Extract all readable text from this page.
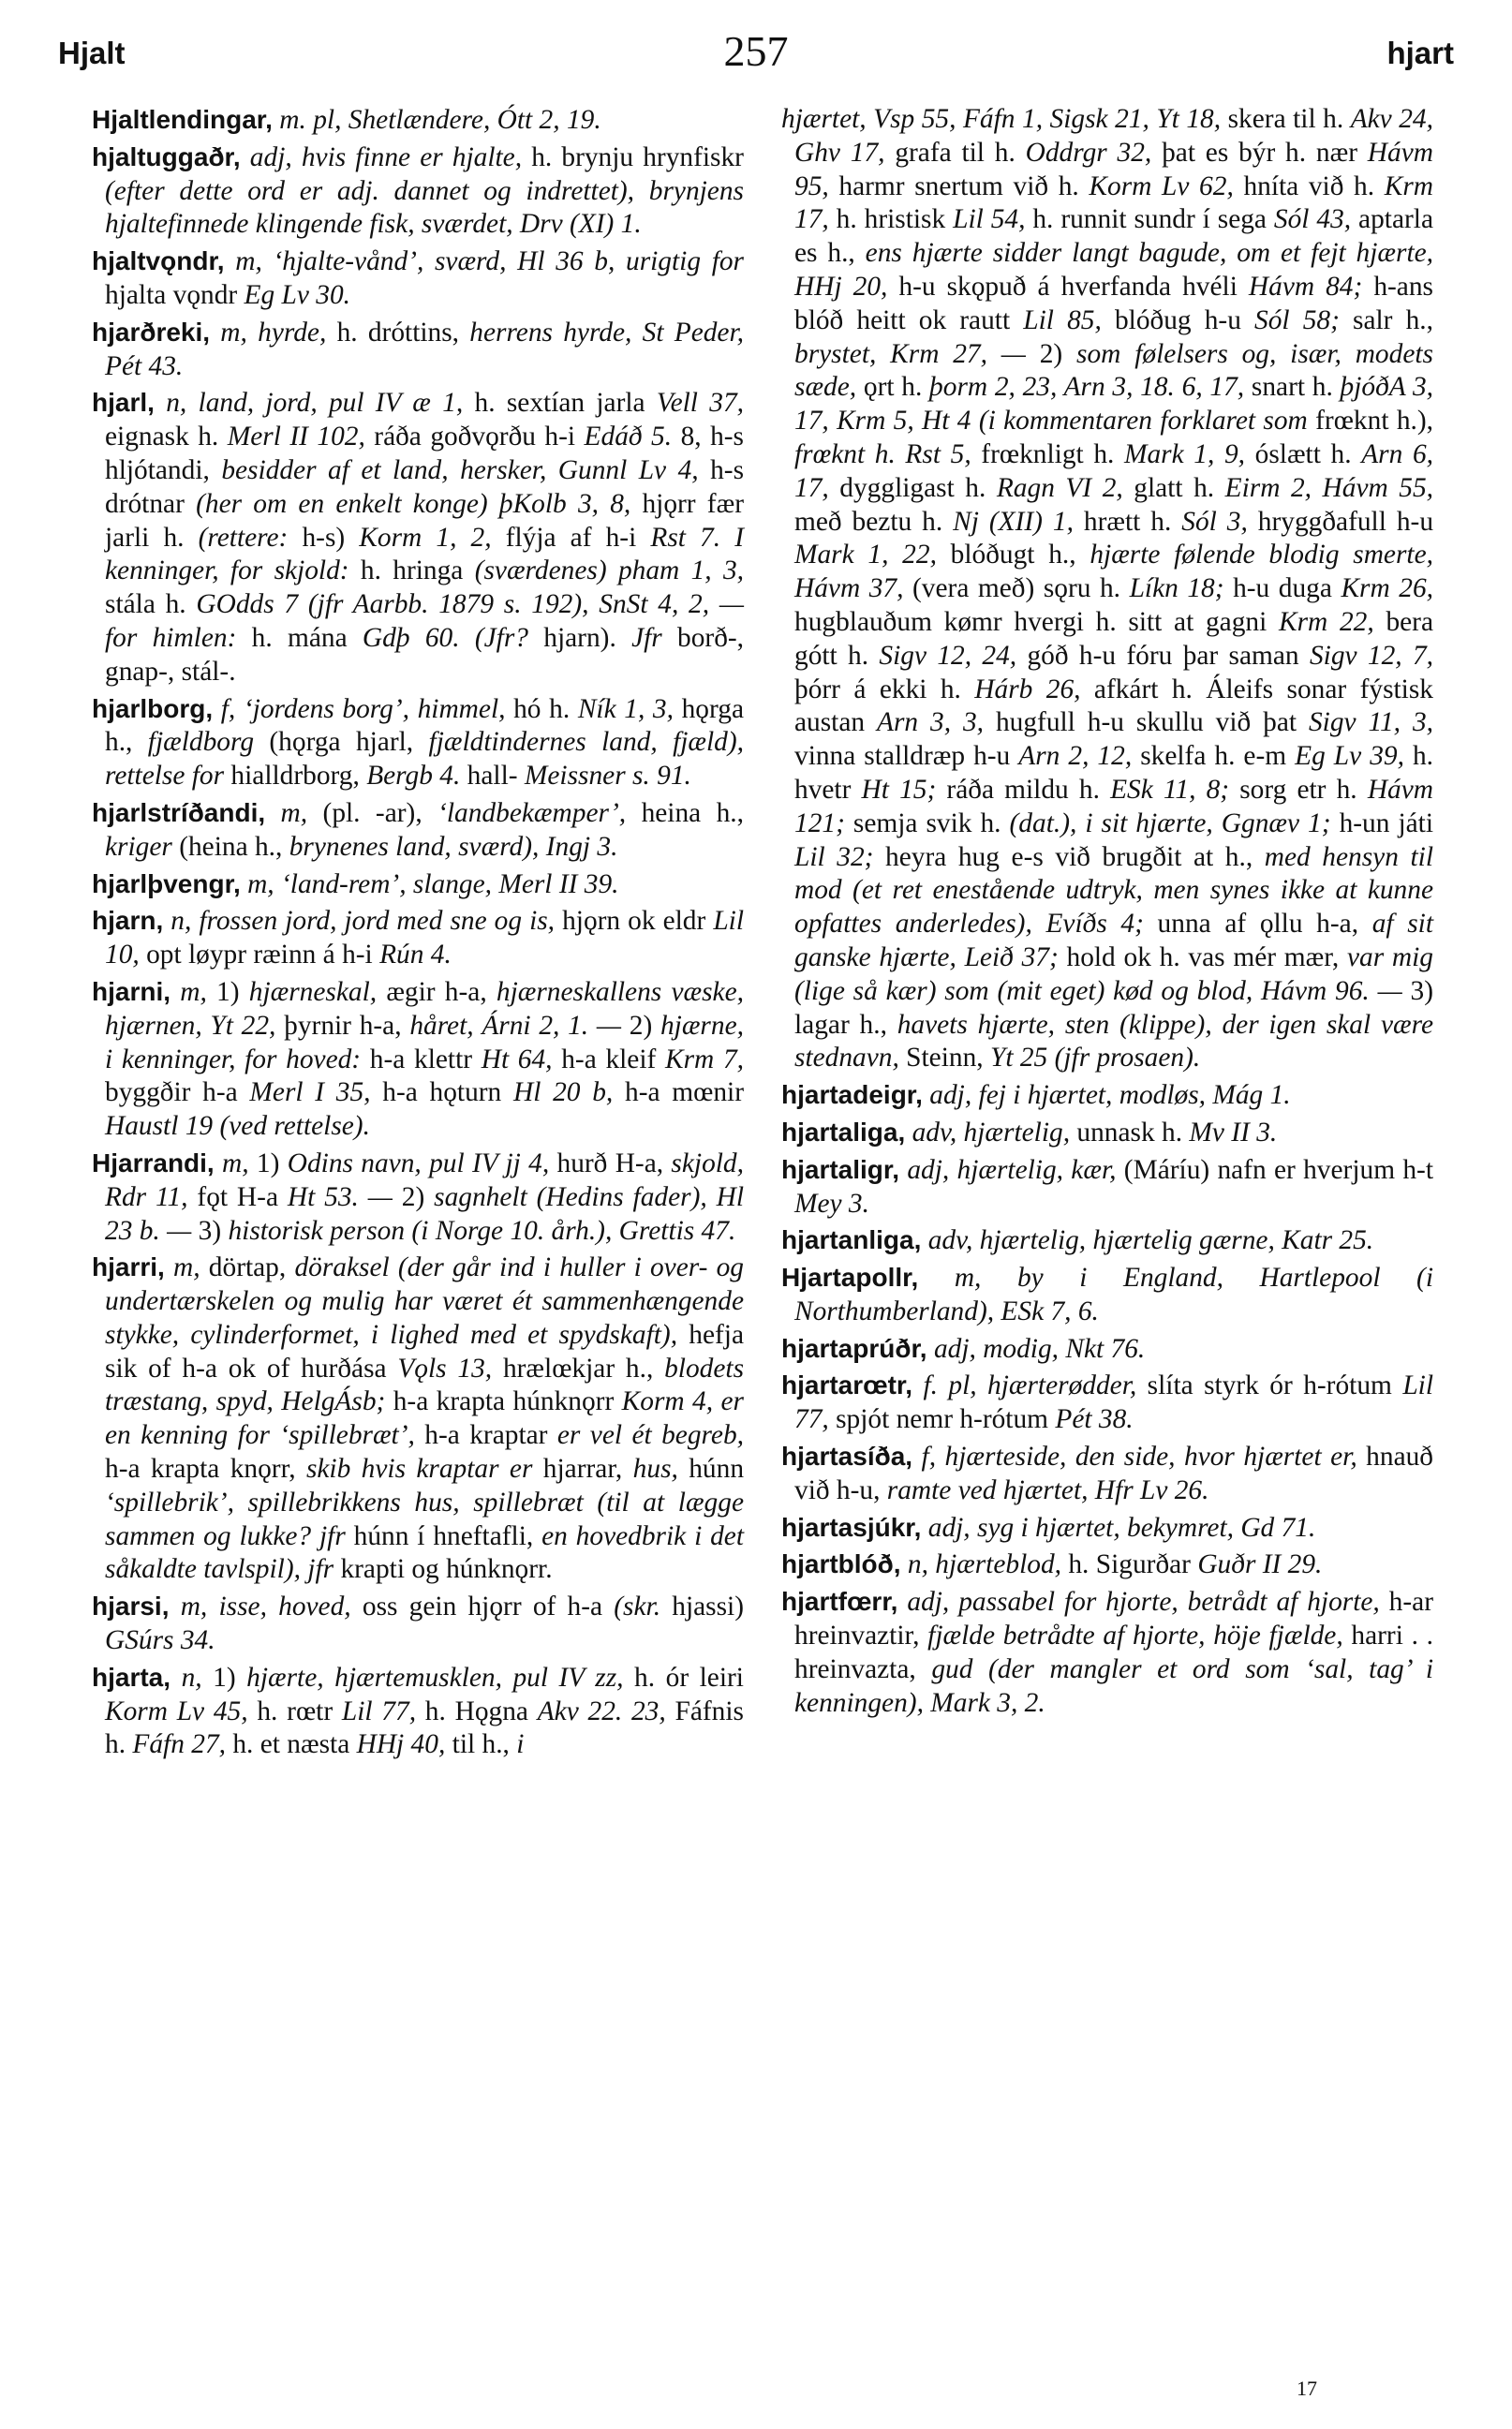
Hjalt	257	hjart

Hjaltlendingar, m. pl, Shetlændere, Ótt 2, 19.

hjaltuggaðr, adj, hvis finne er hjalte, h. brynju hrynfiskr (efter dette ord er adj. dannet og indrettet), brynjens hjaltefinnede klingende fisk, sværdet, Drv (XI) 1.

hjaltvǫndr, m, ‘hjalte-vånd’, sværd, Hl 36 b, urigtig for hjalta vǫndr Eg Lv 30.

hjarðreki, m, hyrde, h. dróttins, herrens hyrde, St Peder, Pét 43.

hjarl, n, land, jord, pul IV æ 1, h. sextían jarla Vell 37, eignask h. Merl II 102, ráða goðvǫrðu h-i Edáð 5. 8, h-s hljótandi, besidder af et land, hersker, Gunnl Lv 4, h-s drótnar (her om en enkelt konge) þKolb 3, 8, hjǫrr fær jarli h. (rettere: h-s) Korm 1, 2, flýja af h-i Rst 7. I kenninger, for skjold: h. hringa (sværdenes) pham 1, 3, stála h. GOdds 7 (jfr Aarbb. 1879 s. 192), SnSt 4, 2, — for himlen: h. mána Gdþ 60. (Jfr? hjarn). Jfr borð-, gnap-, stál-.

hjarlborg, f, ‘jordens borg’, himmel, hó h. Ník 1, 3, hǫrga h., fjældborg (hǫrga hjarl, fjældtindernes land, fjæld), rettelse for hialldrborg, Bergb 4. hall- Meissner s. 91.

hjarlstríðandi, m, (pl. -ar), ‘landbekæmper’, heina h., kriger (heina h., brynenes land, sværd), Ingj 3.

hjarlþvengr, m, ‘land-rem’, slange, Merl II 39.

hjarn, n, frossen jord, jord med sne og is, hjǫrn ok eldr Lil 10, opt løypr ræinn á h-i Rún 4.

hjarni, m, 1) hjærneskal, ægir h-a, hjærneskallens væske, hjærnen, Yt 22, þyrnir h-a, håret, Árni 2, 1. — 2) hjærne, i kenninger, for hoved: h-a klettr Ht 64, h-a kleif Krm 7, byggðir h-a Merl I 35, h-a hǫturn Hl 20 b, h-a mœnir Haustl 19 (ved rettelse).

Hjarrandi, m, 1) Odins navn, pul IV jj 4, hurð H-a, skjold, Rdr 11, fǫt H-a Ht 53. — 2) sagnhelt (Hedins fader), Hl 23 b. — 3) historisk person (i Norge 10. årh.), Grettis 47.

hjarri, m, dörtap, döraksel (der går ind i huller i over- og undertærskelen og mulig har været ét sammenhængende stykke, cylinderformet, i lighed med et spydskaft), hefja sik of h-a ok of hurðása Vǫls 13, hrælœkjar h., blodets træstang, spyd, HelgÁsb; h-a krapta húnknǫrr Korm 4, er en kenning for ‘spillebræt’, h-a kraptar er vel ét begreb, h-a krapta knǫrr, skib hvis kraptar er hjarrar, hus, húnn ‘spillebrik’, spillebrikkens hus, spillebræt (til at lægge sammen og lukke? jfr húnn í hneftafli, en hovedbrik i det såkaldte tavlspil), jfr krapti og húnknǫrr.

hjarsi, m, isse, hoved, oss gein hjǫrr of h-a (skr. hjassi) GSúrs 34.

hjarta, n, 1) hjærte, hjærtemusklen, pul IV zz, h. ór leiri Korm Lv 45, h. rœtr Lil 77, h. Hǫgna Akv 22. 23, Fáfnis h. Fáfn 27, h. et næsta HHj 40, til h., i

hjærtet, Vsp 55, Fáfn 1, Sigsk 21, Yt 18, skera til h. Akv 24, Ghv 17, grafa til h. Oddrgr 32, þat es býr h. nær Hávm 95, harmr snertum við h. Korm Lv 62, hníta við h. Krm 17, h. hristisk Lil 54, h. runnit sundr í sega Sól 43, aptarla es h., ens hjærte sidder langt bagude, om et fejt hjærte, HHj 20, h-u skǫpuð á hverfanda hvéli Hávm 84; h-ans blóð heitt ok rautt Lil 85, blóðug h-u Sól 58; salr h., brystet, Krm 27, — 2) som følelsers og, især, modets sæde, ǫrt h. þorm 2, 23, Arn 3, 18. 6, 17, snart h. þjóðA 3, 17, Krm 5, Ht 4 (i kommentaren forklaret som frœknt h.), frœknt h. Rst 5, frœknligt h. Mark 1, 9, óslætt h. Arn 6, 17, dyggligast h. Ragn VI 2, glatt h. Eirm 2, Hávm 55, með beztu h. Nj (XII) 1, hrætt h. Sól 3, hryggðafull h-u Mark 1, 22, blóðugt h., hjærte følende blodig smerte, Hávm 37, (vera með) sǫru h. Líkn 18; h-u duga Krm 26, hugblauðum kømr hvergi h. sitt at gagni Krm 22, bera gótt h. Sigv 12, 24, góð h-u fóru þar saman Sigv 12, 7, þórr á ekki h. Hárb 26, afkárt h. Áleifs sonar fýstisk austan Arn 3, 3, hugfull h-u skullu við þat Sigv 11, 3, vinna stalldræp h-u Arn 2, 12, skelfa h. e-m Eg Lv 39, h. hvetr Ht 15; ráða mildu h. ESk 11, 8; sorg etr h. Hávm 121; semja svik h. (dat.), i sit hjærte, Ggnæv 1; h-un játi Lil 32; heyra hug e-s við brugðit at h., med hensyn til mod (et ret enestående udtryk, men synes ikke at kunne opfattes anderledes), Evíðs 4; unna af ǫllu h-a, af sit ganske hjærte, Leið 37; hold ok h. vas mér mær, var mig (lige så kær) som (mit eget) kød og blod, Hávm 96. — 3) lagar h., havets hjærte, sten (klippe), der igen skal være stednavn, Steinn, Yt 25 (jfr prosaen).

hjartadeigr, adj, fej i hjærtet, modløs, Mág 1.

hjartaliga, adv, hjærtelig, unnask h. Mv II 3.

hjartaligr, adj, hjærtelig, kær, (Máríu) nafn er hverjum h-t Mey 3.

hjartanliga, adv, hjærtelig, hjærtelig gærne, Katr 25.

Hjartapollr, m, by i England, Hartlepool (i Northumberland), ESk 7, 6.

hjartaprúðr, adj, modig, Nkt 76.

hjartarœtr, f. pl, hjærterødder, slíta styrk ór h-rótum Lil 77, spjót nemr h-rótum Pét 38.

hjartasíða, f, hjærteside, den side, hvor hjærtet er, hnauð við h-u, ramte ved hjærtet, Hfr Lv 26.

hjartasjúkr, adj, syg i hjærtet, bekymret, Gd 71.

hjartblóð, n, hjærteblod, h. Sigurðar Guðr II 29.

hjartfœrr, adj, passabel for hjorte, betrådt af hjorte, h-ar hreinvaztir, fjælde betrådte af hjorte, höje fjælde, harri . . hreinvazta, gud (der mangler et ord som ‘sal, tag’ i kenningen), Mark 3, 2.

17
